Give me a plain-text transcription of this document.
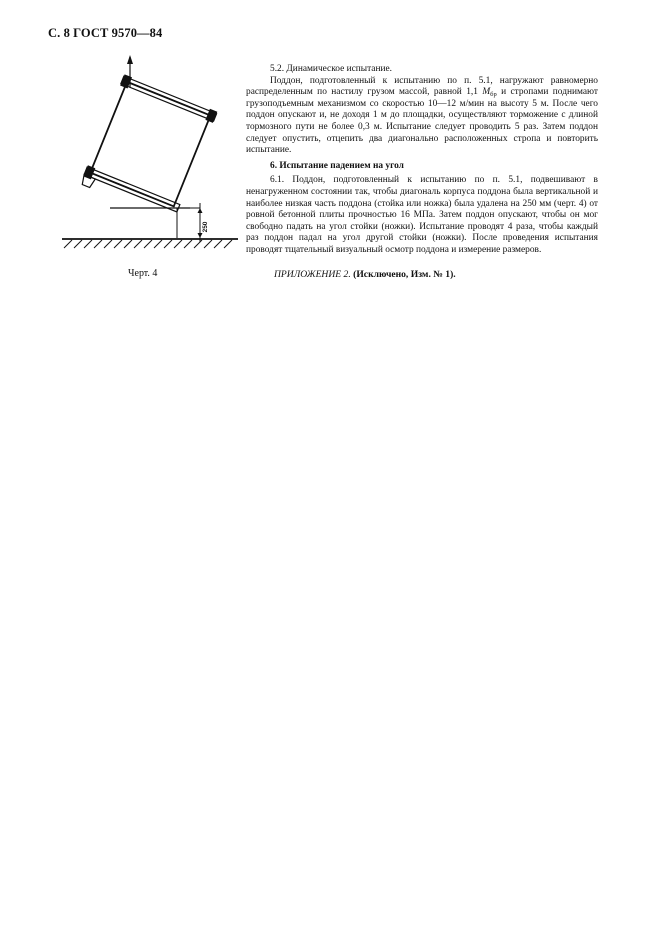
С. 8 ГОСТ 9570—84
250
Черт. 4

5.2. Динамическое испытание.

Поддон, подготовленный к испытанию по п. 5.1, нагружают равномерно распределенным по настилу грузом массой, равной 1,1 $М_{бр}$ и стропами поднимают грузоподъемным механизмом со скоростью 10—12 м/мин на высоту 5 м. После чего поддон опускают и, не доходя 1 м до площадки, осуществляют торможение с длиной тормозного пути не более 0,3 м. Испытание следует проводить 5 раз. Затем поддон следует опустить, отцепить два диагонально расположенных стропа и повторить испытание.

6. Испытание падением на угол

6.1. Поддон, подготовленный к испытанию по п. 5.1, подвешивают в ненагруженном состоянии так, чтобы диагональ корпуса поддона была вертикальной и наиболее низкая часть поддона (стойка или ножка) была удалена на 250 мм (черт. 4) от ровной бетонной плиты прочностью 16 МПа. Затем поддон опускают, чтобы он мог свободно падать на угол стойки (ножки). Испытание проводят 4 раза, чтобы каждый раз поддон падал на угол другой стойки (ножки). После проведения испытания проводят тщательный визуальный осмотр поддона и измерение размеров.

ПРИЛОЖЕНИЕ 2. (Исключено, Изм. № 1).
